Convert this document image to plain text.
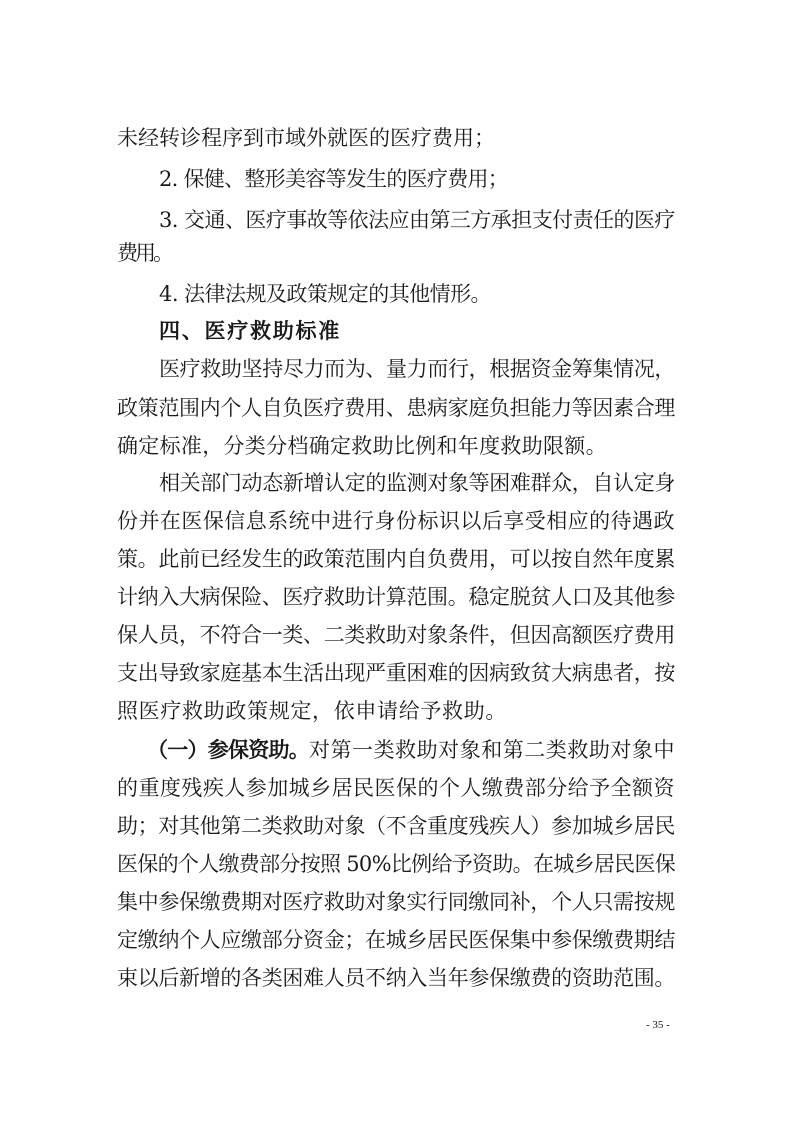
未经转诊程序到市域外就医的医疗费用；
2. 保健、整形美容等发生的医疗费用；
3. 交通、医疗事故等依法应由第三方承担支付责任的医疗
费用。
4. 法律法规及政策规定的其他情形。
四、医疗救助标准
医疗救助坚持尽力而为、量力而行，根据资金筹集情况，
政策范围内个人自负医疗费用、患病家庭负担能力等因素合理
确定标准，分类分档确定救助比例和年度救助限额。
相关部门动态新增认定的监测对象等困难群众，自认定身
份并在医保信息系统中进行身份标识以后享受相应的待遇政
策。此前已经发生的政策范围内自负费用，可以按自然年度累
计纳入大病保险、医疗救助计算范围。稳定脱贫人口及其他参
保人员，不符合一类、二类救助对象条件，但因高额医疗费用
支出导致家庭基本生活出现严重困难的因病致贫大病患者，按
照医疗救助政策规定，依申请给予救助。
（一）参保资助。对第一类救助对象和第二类救助对象中
的重度残疾人参加城乡居民医保的个人缴费部分给予全额资
助；对其他第二类救助对象（不含重度残疾人）参加城乡居民
医保的个人缴费部分按照 50%比例给予资助。在城乡居民医保
集中参保缴费期对医疗救助对象实行同缴同补，个人只需按规
定缴纳个人应缴部分资金；在城乡居民医保集中参保缴费期结
束以后新增的各类困难人员不纳入当年参保缴费的资助范围。
- 35 -
